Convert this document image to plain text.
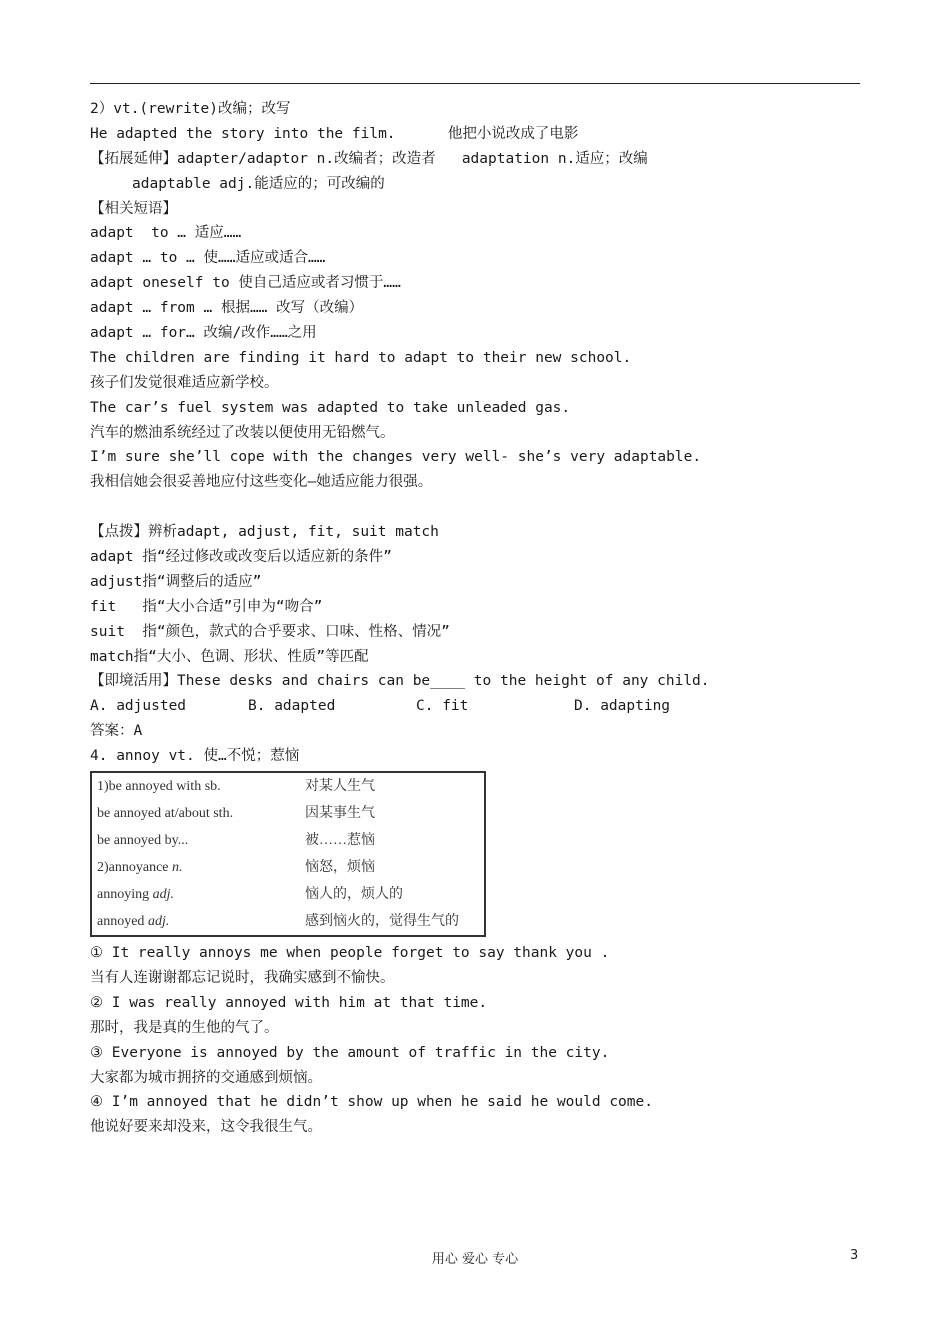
2）vt.(rewrite)改编；改写
He adapted the story into the film.      他把小说改成了电影
【拓展延伸】adapter/adaptor n.改编者；改造者   adaptation n.适应；改编
adaptable adj.能适应的；可改编的
【相关短语】
adapt  to … 适应……
adapt … to … 使……适应或适合……
adapt oneself to 使自己适应或者习惯于……
adapt … from … 根据…… 改写（改编）
adapt … for… 改编/改作……之用
The children are finding it hard to adapt to their new school.
孩子们发觉很难适应新学校。
The car’s fuel system was adapted to take unleaded gas.
汽车的燃油系统经过了改装以便使用无铅燃气。
I’m sure she’ll cope with the changes very well- she’s very adaptable.
我相信她会很妥善地应付这些变化—她适应能力很强。
【点拨】辨析adapt, adjust, fit, suit match
adapt 指“经过修改或改变后以适应新的条件”
adjust指“调整后的适应”
fit   指“大小合适”引申为“吻合”
suit  指“颜色，款式的合乎要求、口味、性格、情况”
match指“大小、色调、形状、性质”等匹配
【即境活用】These desks and chairs can be____ to the height of any child.
A. adjusted	B. adapted	C. fit	D. adapting
答案：A
4. annoy vt. 使…不悦；惹恼
1)be annoyed with sb.	对某人生气
be annoyed at/about sth.	因某事生气
be annoyed by...	被……惹恼
2)annoyance n.	恼怒，烦恼
annoying adj.	恼人的，烦人的
annoyed adj.	感到恼火的，觉得生气的
① It really annoys me when people forget to say thank you .
当有人连谢谢都忘记说时，我确实感到不愉快。
② I was really annoyed with him at that time.
那时，我是真的生他的气了。
③ Everyone is annoyed by the amount of traffic in the city.
大家都为城市拥挤的交通感到烦恼。
④ I’m annoyed that he didn’t show up when he said he would come.
他说好要来却没来，这令我很生气。
用心 爱心 专心	3
